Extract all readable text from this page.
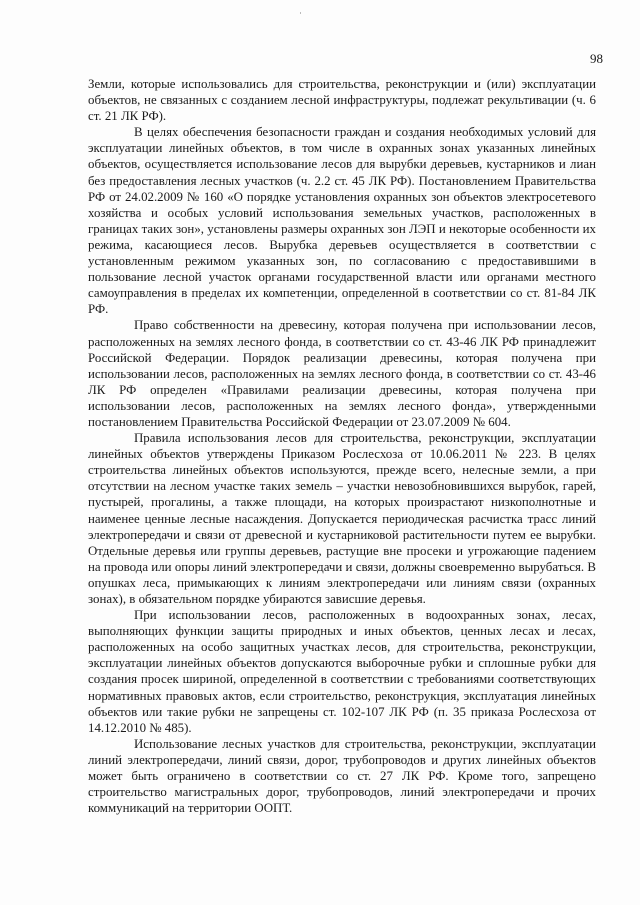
98

Земли, которые использовались для строительства, реконструкции и (или) эксплуатации объектов, не связанных с созданием лесной инфраструктуры, подлежат рекультивации (ч. 6 ст. 21 ЛК РФ).

В целях обеспечения безопасности граждан и создания необходимых условий для эксплуатации линейных объектов, в том числе в охранных зонах указанных линейных объектов, осуществляется использование лесов для вырубки деревьев, кустарников и лиан без предоставления лесных участков (ч. 2.2 ст. 45 ЛК РФ). Постановлением Правительства РФ от 24.02.2009 № 160 «О порядке установления охранных зон объектов электросетевого хозяйства и особых условий использования земельных участков, расположенных в границах таких зон», установлены размеры охранных зон ЛЭП и некоторые особенности их режима, касающиеся лесов. Вырубка деревьев осуществляется в соответствии с установленным режимом указанных зон, по согласованию с предоставившими в пользование лесной участок органами государственной власти или органами местного самоуправления в пределах их компетенции, определенной в соответствии со ст. 81-84 ЛК РФ.

Право собственности на древесину, которая получена при использовании лесов, расположенных на землях лесного фонда, в соответствии со ст. 43-46 ЛК РФ принадлежит Российской Федерации. Порядок реализации древесины, которая получена при использовании лесов, расположенных на землях лесного фонда, в соответствии со ст. 43-46 ЛК РФ определен «Правилами реализации древесины, которая получена при использовании лесов, расположенных на землях лесного фонда», утвержденными постановлением Правительства Российской Федерации от 23.07.2009 № 604.

Правила использования лесов для строительства, реконструкции, эксплуатации линейных объектов утверждены Приказом Рослесхоза от 10.06.2011 № 223. В целях строительства линейных объектов используются, прежде всего, нелесные земли, а при отсутствии на лесном участке таких земель – участки невозобновившихся вырубок, гарей, пустырей, прогалины, а также площади, на которых произрастают низкополнотные и наименее ценные лесные насаждения. Допускается периодическая расчистка трасс линий электропередачи и связи от древесной и кустарниковой растительности путем ее вырубки. Отдельные деревья или группы деревьев, растущие вне просеки и угрожающие падением на провода или опоры линий электропередачи и связи, должны своевременно вырубаться. В опушках леса, примыкающих к линиям электропередачи или линиям связи (охранных зонах), в обязательном порядке убираются зависшие деревья.

При использовании лесов, расположенных в водоохранных зонах, лесах, выполняющих функции защиты природных и иных объектов, ценных лесах и лесах, расположенных на особо защитных участках лесов, для строительства, реконструкции, эксплуатации линейных объектов допускаются выборочные рубки и сплошные рубки для создания просек шириной, определенной в соответствии с требованиями соответствующих нормативных правовых актов, если строительство, реконструкция, эксплуатация линейных объектов или такие рубки не запрещены ст. 102-107 ЛК РФ (п. 35 приказа Рослесхоза от 14.12.2010 № 485).

Использование лесных участков для строительства, реконструкции, эксплуатации линий электропередачи, линий связи, дорог, трубопроводов и других линейных объектов может быть ограничено в соответствии со ст. 27 ЛК РФ. Кроме того, запрещено строительство магистральных дорог, трубопроводов, линий электропередачи и прочих коммуникаций на территории ООПТ.
